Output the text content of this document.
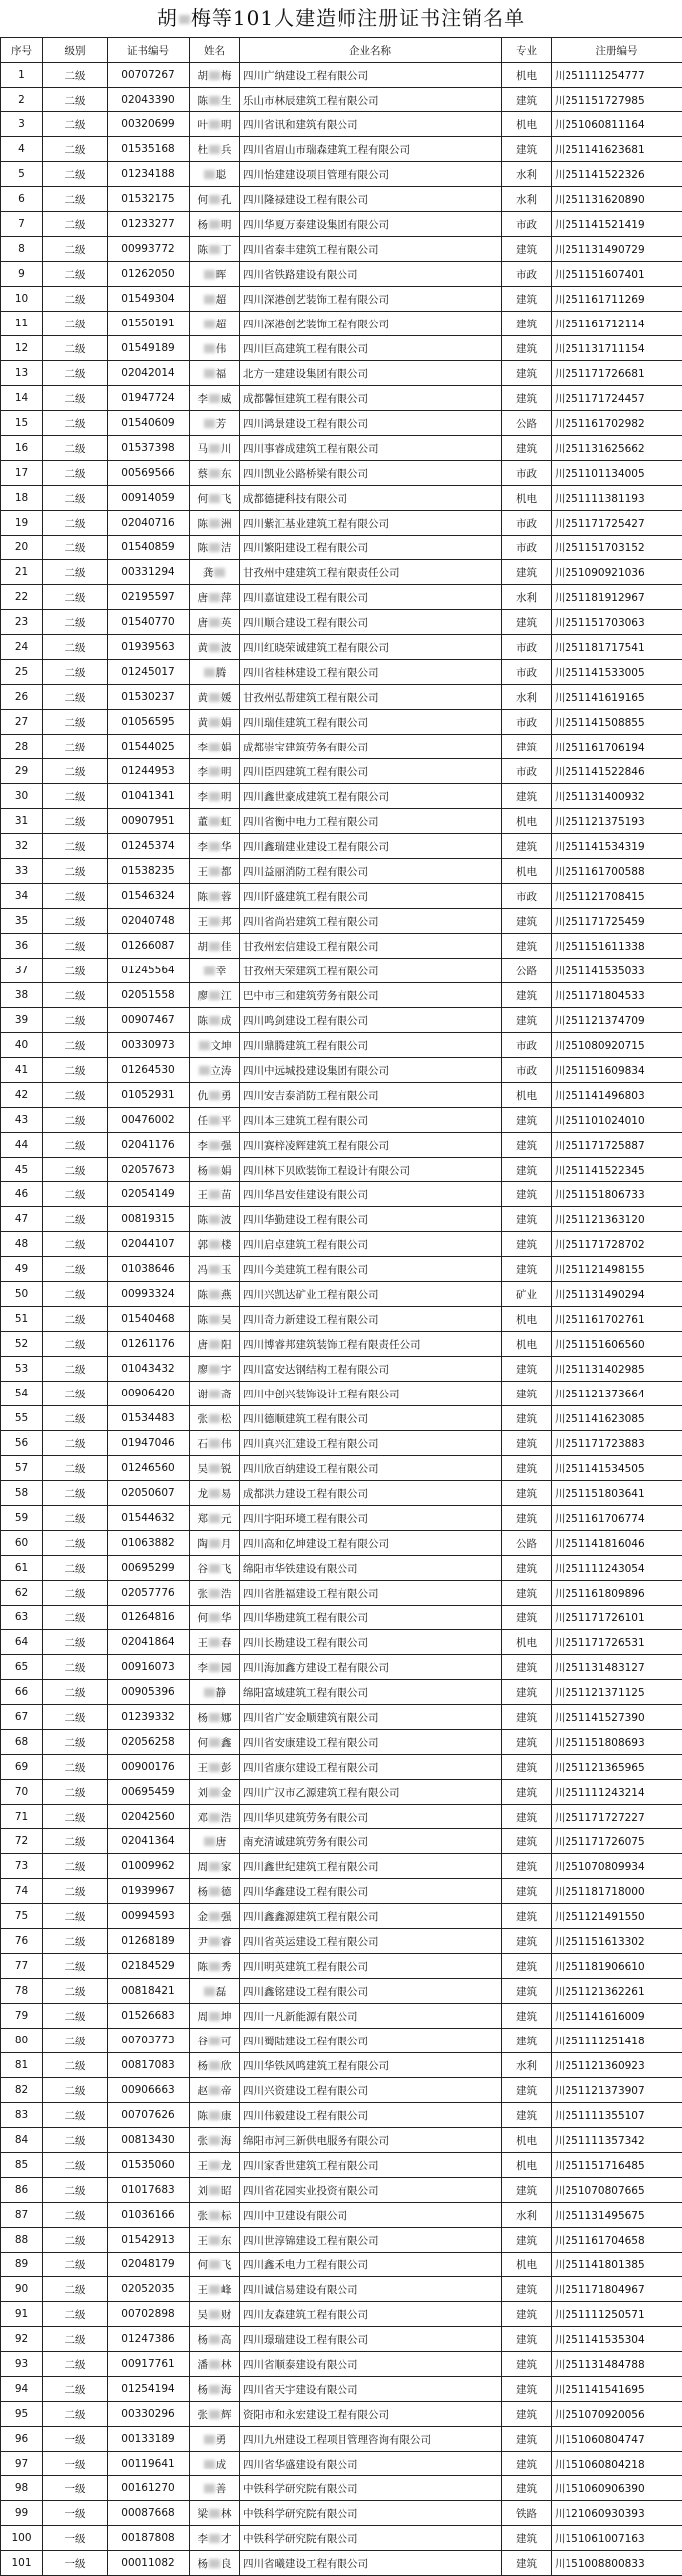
胡 梅等101人建造师注册证书注销名单
序号	级别	证书编号	姓名	企业名称	专业	注册编号
1	二级	00707267	胡 梅	四川广纳建设工程有限公司	机电	川251111254777
2	二级	02043390	陈 生	乐山市林辰建筑工程有限公司	建筑	川251151727985
3	二级	00320699	叶 明	四川省讯和建筑有限公司	机电	川251060811164
4	二级	01535168	杜 兵	四川省眉山市瑞森建筑工程有限公司	建筑	川251141623681
5	二级	01234188	聪	四川怡建建设项目管理有限公司	水利	川251141522326
6	二级	01532175	何 孔	四川隆禄建设工程有限公司	水利	川251131620890
7	二级	01233277	杨 明	四川华夏万泰建设集团有限公司	市政	川251141521419
8	二级	00993772	陈 丁	四川省泰丰建筑工程有限公司	建筑	川251131490729
9	二级	01262050	晖	四川省铁路建设有限公司	市政	川251151607401
10	二级	01549304	超	四川深港创艺装饰工程有限公司	建筑	川251161711269
11	二级	01550191	超	四川深港创艺装饰工程有限公司	建筑	川251161712114
12	二级	01549189	伟	四川巨高建筑工程有限公司	建筑	川251131711154
13	二级	02042014	福	北方一建建设集团有限公司	建筑	川251171726681
14	二级	01947724	李 威	成都馨恒建筑工程有限公司	建筑	川251171724457
15	二级	01540609	芳	四川鸿景建设工程有限公司	公路	川251161702982
16	二级	01537398	马 川	四川事睿成建筑工程有限公司	建筑	川251131625662
17	二级	00569566	蔡 东	四川凯业公路桥梁有限公司	市政	川251101134005
18	二级	00914059	何 飞	成都德捷科技有限公司	机电	川251111381193
19	二级	02040716	陈 洲	四川紫汇基业建筑工程有限公司	市政	川251171725427
20	二级	01540859	陈 洁	四川繁阳建设工程有限公司	市政	川251151703152
21	二级	00331294	龚	甘孜州中建建筑工程有限责任公司	建筑	川251090921036
22	二级	02195597	唐 萍	四川嘉谊建设工程有限公司	水利	川251181912967
23	二级	01540770	唐 英	四川顺合建设工程有限公司	建筑	川251151703063
24	二级	01939563	黄 波	四川红晓荣诚建筑工程有限公司	市政	川251181717541
25	二级	01245017	腾	四川省桂林建设工程有限公司	市政	川251141533005
26	二级	01530237	黄 媛	甘孜州弘帮建筑工程有限公司	水利	川251141619165
27	二级	01056595	黄 娟	四川瑞佳建筑工程有限公司	市政	川251141508855
28	二级	01544025	李 娟	成都崇宝建筑劳务有限公司	建筑	川251161706194
29	二级	01244953	李 明	四川臣四建筑工程有限公司	市政	川251141522846
30	二级	01041341	李 明	四川鑫世豪成建筑工程有限公司	建筑	川251131400932
31	二级	00907951	董 虹	四川省衡中电力工程有限公司	机电	川251121375193
32	二级	01245374	李 华	四川鑫瑞建业建设工程有限公司	建筑	川251141534319
33	二级	01538235	王 都	四川益丽消防工程有限公司	机电	川251161700588
34	二级	01546324	陈 蓉	四川阡盛建筑工程有限公司	市政	川251121708415
35	二级	02040748	王 邦	四川省尚岩建筑工程有限公司	建筑	川251171725459
36	二级	01266087	胡 佳	甘孜州宏信建设工程有限公司	建筑	川251151611338
37	二级	01245564	幸	甘孜州天荣建筑工程有限公司	公路	川251141535033
38	二级	02051558	廖 江	巴中市三和建筑劳务有限公司	建筑	川251171804533
39	二级	00907467	陈 成	四川鸣剑建设工程有限公司	建筑	川251121374709
40	二级	00330973	文坤	四川鼎腾建筑工程有限公司	市政	川251080920715
41	二级	01264530	立涛	四川中远城投建设集团有限公司	市政	川251151609834
42	二级	01052931	仇 勇	四川安吉泰消防工程有限公司	机电	川251141496803
43	二级	00476002	任 平	四川本三建筑工程有限公司	建筑	川251101024010
44	二级	02041176	李 强	四川赛梓凌辉建筑工程有限公司	建筑	川251171725887
45	二级	02057673	杨 娟	四川林下贝欧装饰工程设计有限公司	建筑	川251141522345
46	二级	02054149	王 苗	四川华昌安佳建设有限公司	建筑	川251151806733
47	二级	00819315	陈 波	四川华勤建设工程有限公司	建筑	川251121363120
48	二级	02044107	郭 楼	四川启卓建筑工程有限公司	建筑	川251171728702
49	二级	01038646	冯 玉	四川今美建筑工程有限公司	建筑	川251121498155
50	二级	00993324	陈 燕	四川兴凯达矿业工程有限公司	矿业	川251131490294
51	二级	01540468	陈 吴	四川奇力新建设工程有限公司	机电	川251161702761
52	二级	01261176	唐 阳	四川博睿邦建筑装饰工程有限责任公司	机电	川251151606560
53	二级	01043432	廖 宇	四川富安达钢结构工程有限公司	建筑	川251131402985
54	二级	00906420	谢 斋	四川中创兴装饰设计工程有限公司	建筑	川251121373664
55	二级	01534483	张 松	四川德顺建筑工程有限公司	建筑	川251141623085
56	二级	01947046	石 伟	四川真兴汇建设工程有限公司	建筑	川251171723883
57	二级	01246560	吴 锐	四川欣百纳建设工程有限公司	建筑	川251141534505
58	二级	02050607	龙 易	成都洪力建设工程有限公司	建筑	川251151803641
59	二级	01544632	郑 元	四川宇阳环境工程有限公司	建筑	川251161706774
60	二级	01063882	陶 月	四川高和亿坤建设工程有限公司	公路	川251141816046
61	二级	00695299	谷 飞	绵阳市华铁建设有限公司	建筑	川251111243054
62	二级	02057776	张 浩	四川省胜福建设工程有限公司	建筑	川251161809896
63	二级	01264816	何 华	四川华勘建筑工程有限公司	建筑	川251171726101
64	二级	02041864	王 春	四川长勘建设工程有限公司	机电	川251171726531
65	二级	00916073	李 园	四川海加鑫方建设工程有限公司	建筑	川251131483127
66	二级	00905396	静	绵阳富域建筑工程有限公司	建筑	川251121371125
67	二级	01239332	杨 娜	四川省广安金顺建筑有限公司	建筑	川251141527390
68	二级	02056258	何 鑫	四川省安康建设工程有限公司	建筑	川251151808693
69	二级	00900176	王 彭	四川省康尔建设工程有限公司	建筑	川251121365965
70	二级	00695459	刘 金	四川广汉市乙源建筑工程有限公司	建筑	川251111243214
71	二级	02042560	邓 浩	四川华贝建筑劳务有限公司	建筑	川251171727227
72	二级	02041364	唐	南充清诚建筑劳务有限公司	建筑	川251171726075
73	二级	01009962	周 家	四川鑫世纪建筑工程有限公司	建筑	川251070809934
74	二级	01939967	杨 德	四川华鑫建设工程有限公司	建筑	川251181718000
75	二级	00994593	金 强	四川鑫鑫源建筑工程有限公司	建筑	川251121491550
76	二级	01268189	尹 睿	四川省英运建设工程有限公司	建筑	川251151613302
77	二级	02184529	陈 秀	四川明英建筑工程有限公司	建筑	川251181906610
78	二级	00818421	磊	四川鑫铭建设工程有限公司	建筑	川251121362261
79	二级	01526683	周 坤	四川一凡新能源有限公司	建筑	川251141616009
80	二级	00703773	谷 可	四川蜀陆建设工程有限公司	建筑	川251111251418
81	二级	00817083	杨 欣	四川华铁风鸣建筑工程有限公司	水利	川251121360923
82	二级	00906663	赵 帝	四川兴资建设工程有限公司	建筑	川251121373907
83	二级	00707626	陈 康	四川伟毅建设工程有限公司	建筑	川251111355107
84	二级	00813430	张 海	绵阳市河三新供电服务有限公司	机电	川251111357342
85	二级	01535060	王 龙	四川家香世建筑工程有限公司	机电	川251151716485
86	二级	01017683	刘 昭	四川省花园实业投资有限公司	建筑	川251070807665
87	二级	01036166	张 标	四川中卫建设有限公司	水利	川251131495675
88	二级	01542913	王 东	四川世淳锦建设工程有限公司	建筑	川251161704658
89	二级	02048179	何 飞	四川鑫禾电力工程有限公司	机电	川251141801385
90	二级	02052035	王 峰	四川诚信易建设有限公司	建筑	川251171804967
91	二级	00702898	吴 财	四川友森建筑工程有限公司	建筑	川251111250571
92	二级	01247386	杨 高	四川璟瑞建设工程有限公司	建筑	川251141535304
93	二级	00917761	潘 林	四川省顺泰建设有限公司	建筑	川251131484788
94	二级	01254194	杨 海	四川省天宇建设有限公司	建筑	川251141541695
95	二级	00330296	张 辉	资阳市和永宏建设工程有限公司	建筑	川251070920056
96	一级	00133189	勇	四川九州建设工程项目管理咨询有限公司	建筑	川151060804747
97	一级	00119641	成	四川省华盛建设有限公司	建筑	川151060804218
98	一级	00161270	善	中铁科学研究院有限公司	建筑	川151060906390
99	一级	00087668	梁 林	中铁科学研究院有限公司	铁路	川121060930393
100	一级	00187808	李 才	中铁科学研究院有限公司	建筑	川151061007163
101	一级	00011082	杨 良	四川省曦建设工程有限公司	建筑	川151008800833
